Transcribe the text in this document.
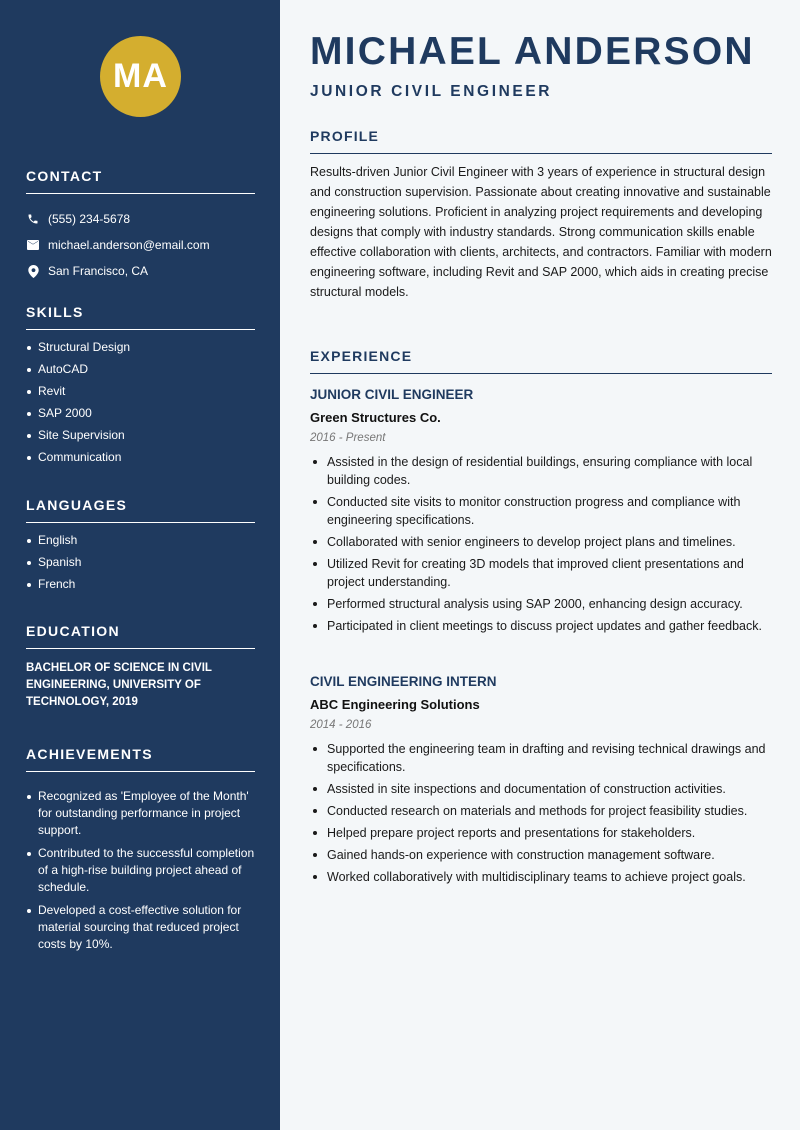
MA
CONTACT
(555) 234-5678
michael.anderson@email.com
San Francisco, CA
SKILLS
Structural Design
AutoCAD
Revit
SAP 2000
Site Supervision
Communication
LANGUAGES
English
Spanish
French
EDUCATION
BACHELOR OF SCIENCE IN CIVIL ENGINEERING, UNIVERSITY OF TECHNOLOGY, 2019
ACHIEVEMENTS
Recognized as 'Employee of the Month' for outstanding performance in project support.
Contributed to the successful completion of a high-rise building project ahead of schedule.
Developed a cost-effective solution for material sourcing that reduced project costs by 10%.
MICHAEL ANDERSON
JUNIOR CIVIL ENGINEER
PROFILE

Results-driven Junior Civil Engineer with 3 years of experience in structural design and construction supervision. Passionate about creating innovative and sustainable engineering solutions. Proficient in analyzing project requirements and developing designs that comply with industry standards. Strong communication skills enable effective collaboration with clients, architects, and contractors. Familiar with modern engineering software, including Revit and SAP 2000, which aids in creating precise structural models.

EXPERIENCE
JUNIOR CIVIL ENGINEER
Green Structures Co.
2016 - Present
Assisted in the design of residential buildings, ensuring compliance with local building codes.
Conducted site visits to monitor construction progress and compliance with engineering specifications.
Collaborated with senior engineers to develop project plans and timelines.
Utilized Revit for creating 3D models that improved client presentations and project understanding.
Performed structural analysis using SAP 2000, enhancing design accuracy.
Participated in client meetings to discuss project updates and gather feedback.
CIVIL ENGINEERING INTERN
ABC Engineering Solutions
2014 - 2016
Supported the engineering team in drafting and revising technical drawings and specifications.
Assisted in site inspections and documentation of construction activities.
Conducted research on materials and methods for project feasibility studies.
Helped prepare project reports and presentations for stakeholders.
Gained hands-on experience with construction management software.
Worked collaboratively with multidisciplinary teams to achieve project goals.
